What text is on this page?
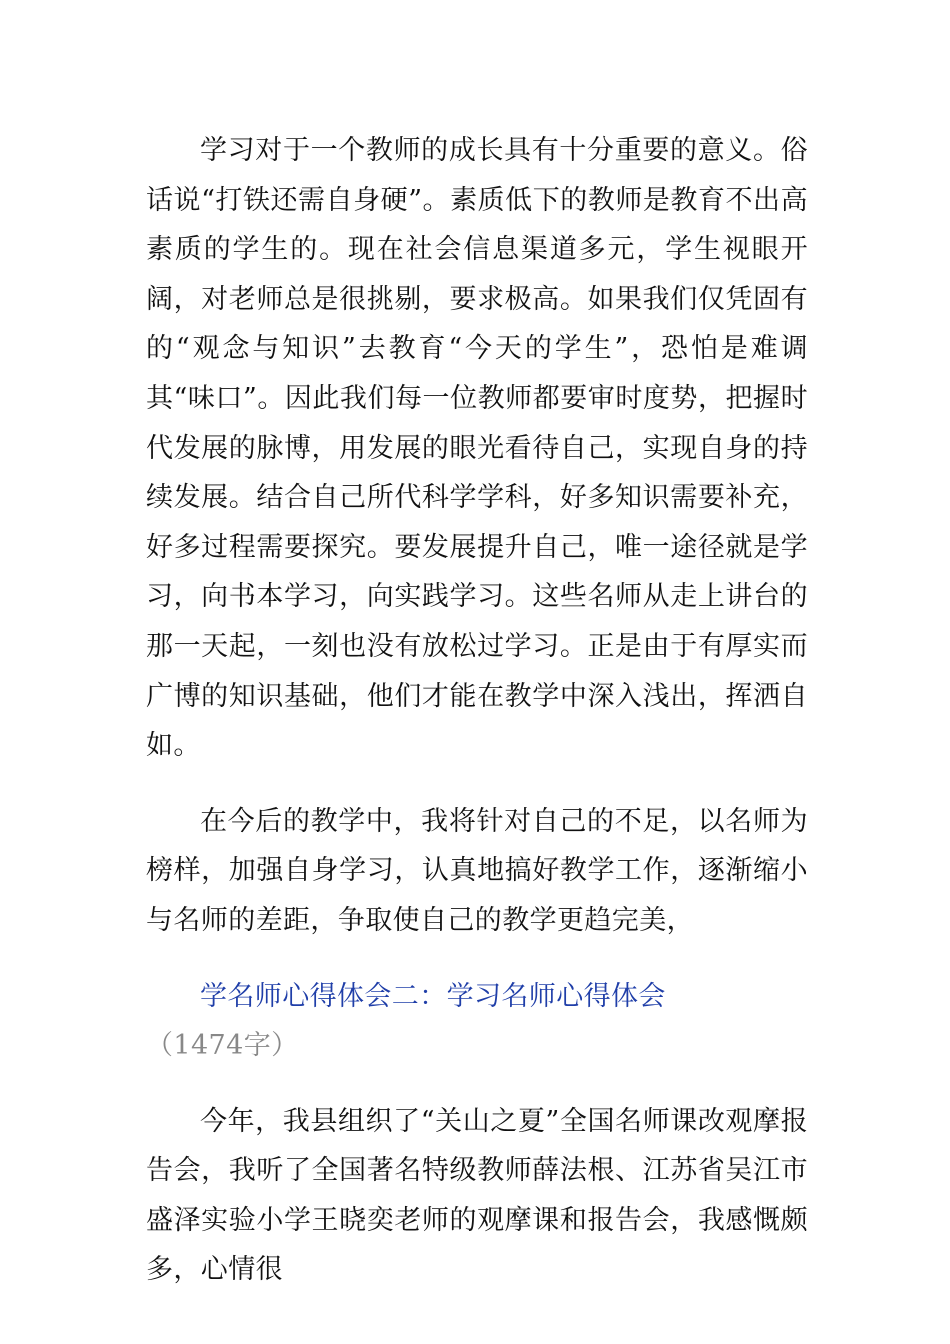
学习对于一个教师的成长具有十分重要的意义。俗话说“打铁还需自身硬”。素质低下的教师是教育不出高素质的学生的。现在社会信息渠道多元，学生视眼开阔，对老师总是很挑剔，要求极高。如果我们仅凭固有的“观念与知识”去教育“今天的学生”，恐怕是难调其“味口”。因此我们每一位教师都要审时度势，把握时代发展的脉博，用发展的眼光看待自己，实现自身的持续发展。结合自己所代科学学科，好多知识需要补充，好多过程需要探究。要发展提升自己，唯一途径就是学习，向书本学习，向实践学习。这些名师从走上讲台的那一天起，一刻也没有放松过学习。正是由于有厚实而广博的知识基础，他们才能在教学中深入浅出，挥洒自如。

在今后的教学中，我将针对自己的不足，以名师为榜样，加强自身学习，认真地搞好教学工作，逐渐缩小与名师的差距，争取使自己的教学更趋完美，

学名师心得体会二：学习名师心得体会（1474字）

今年，我县组织了“关山之夏”全国名师课改观摩报告会，我听了全国著名特级教师薛法根、江苏省吴江市盛泽实验小学王晓奕老师的观摩课和报告会，我感慨颇多，心情很
